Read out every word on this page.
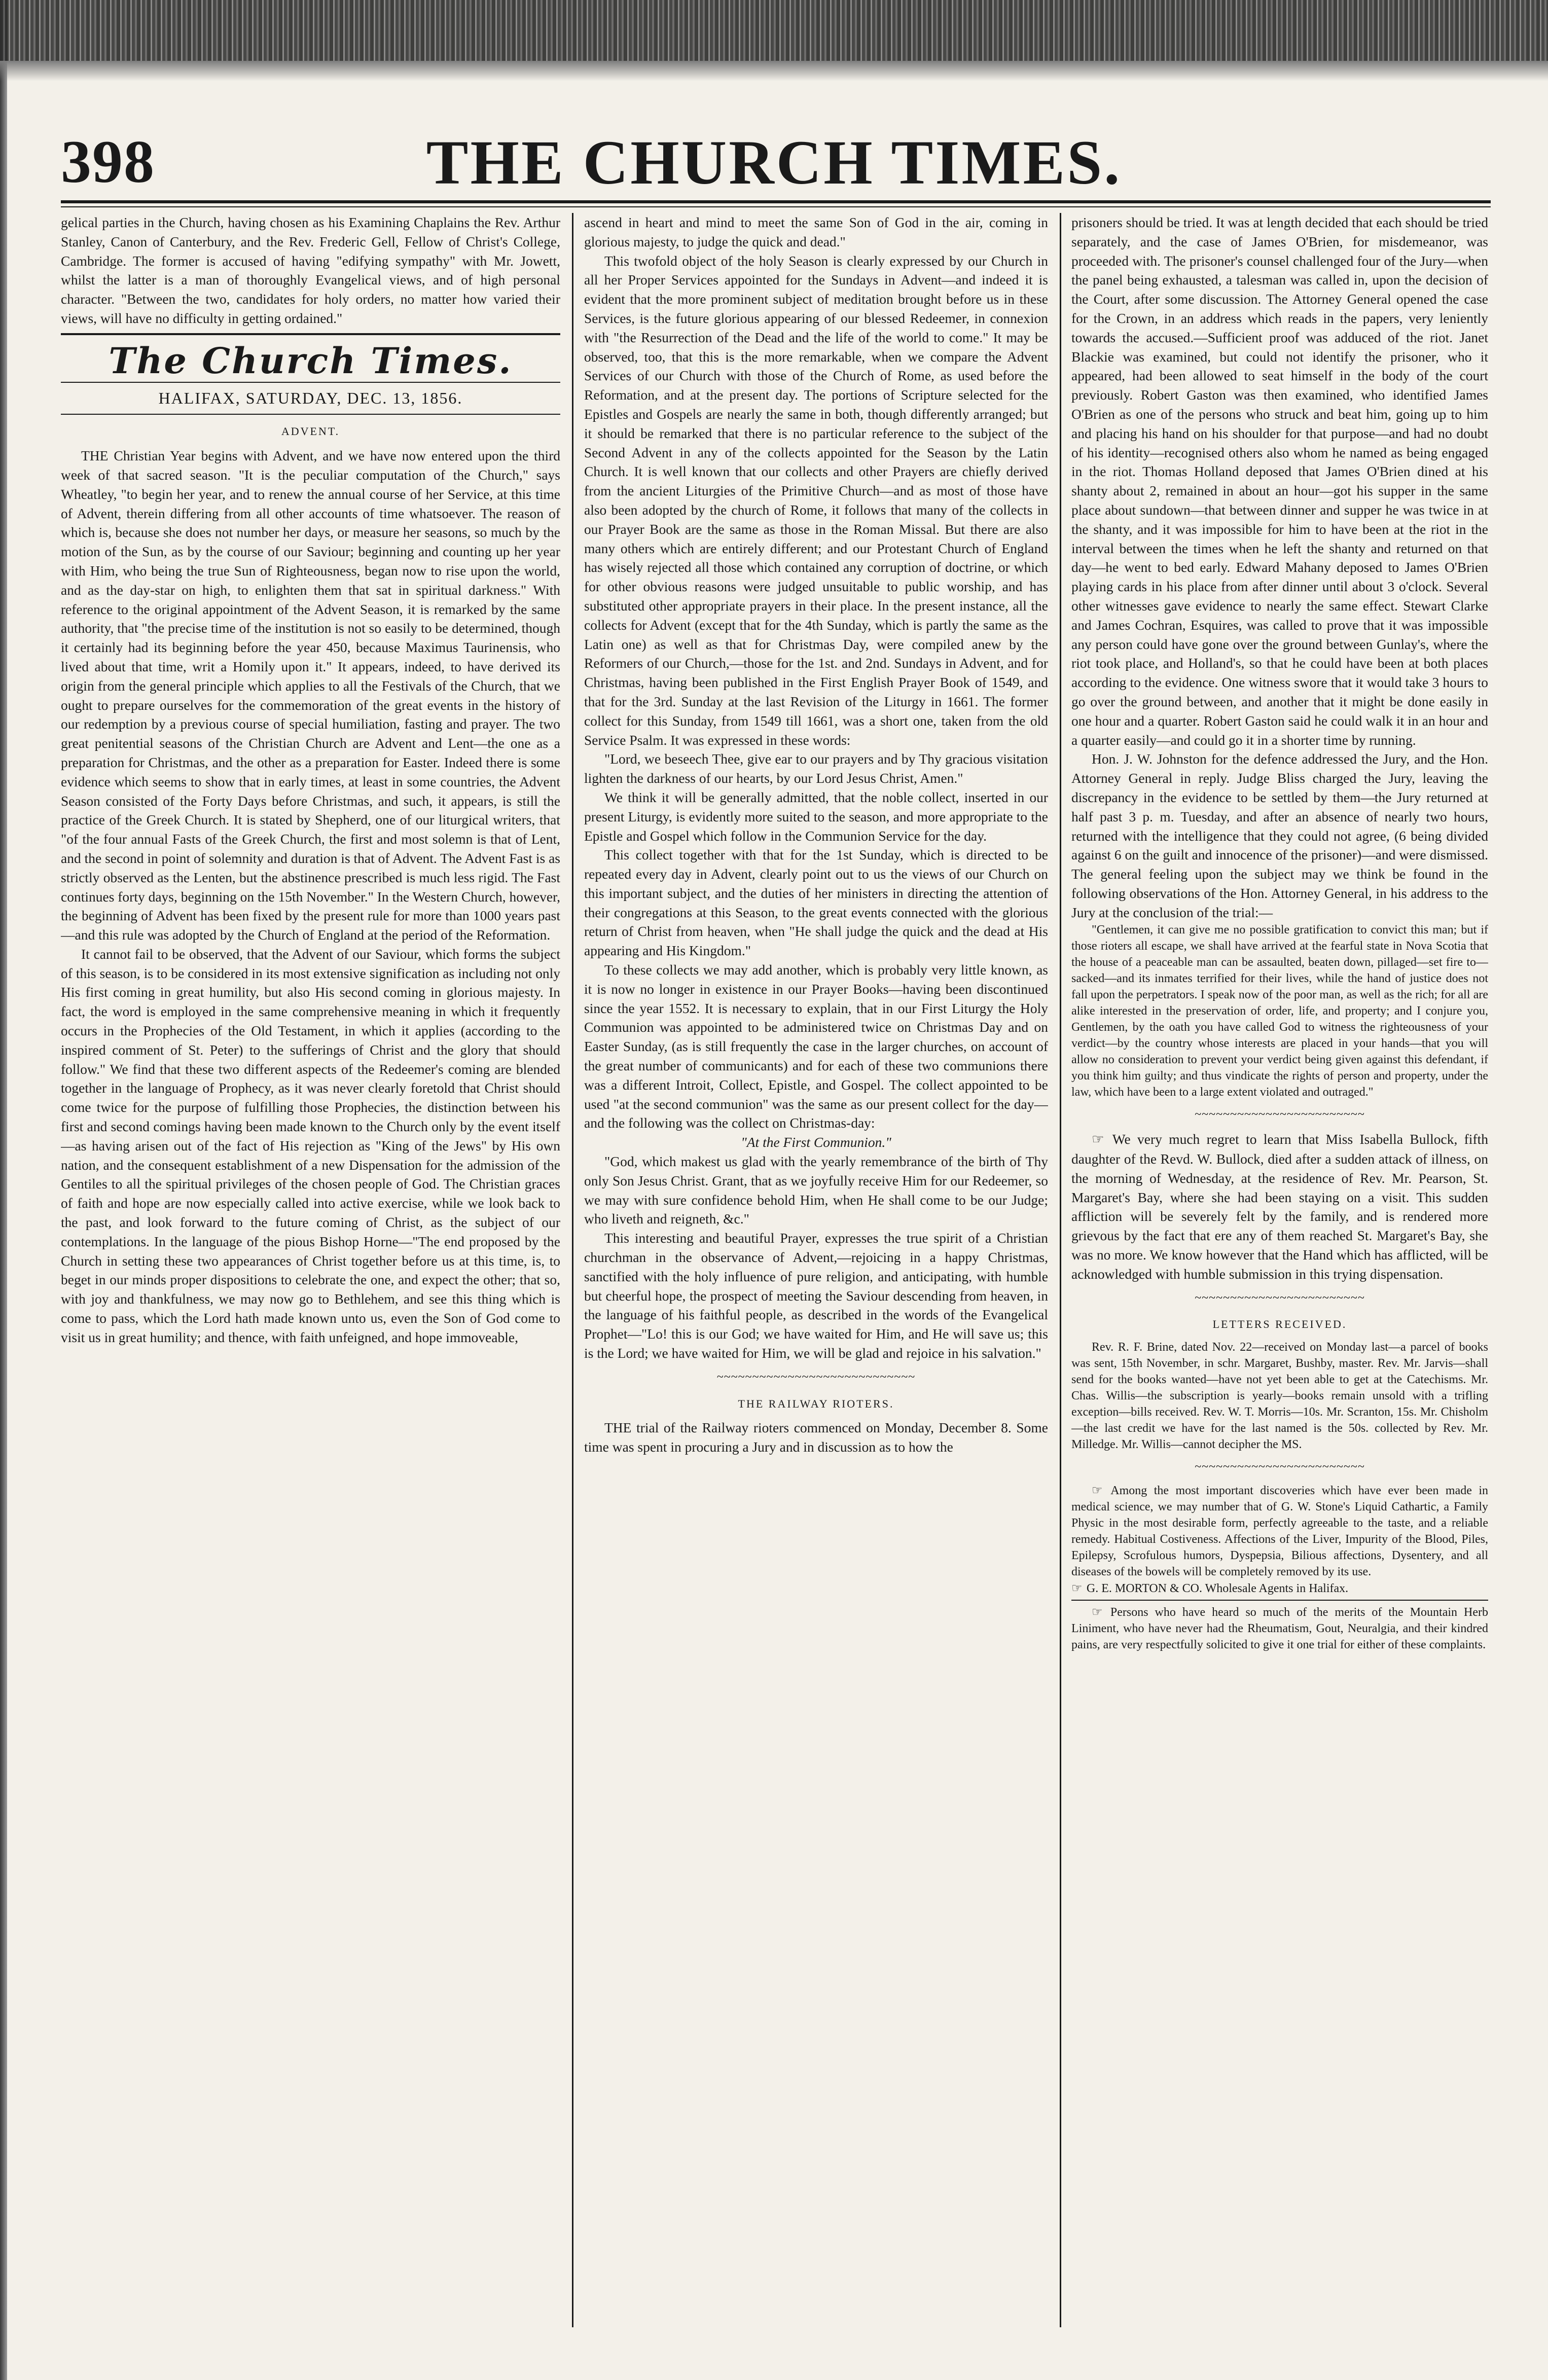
398	THE CHURCH TIMES.

gelical parties in the Church, having chosen as his Examining Chaplains the Rev. Arthur Stanley, Canon of Canterbury, and the Rev. Frederic Gell, Fellow of Christ's College, Cambridge. The former is accused of having "edifying sympathy" with Mr. Jowett, whilst the latter is a man of thoroughly Evangelical views, and of high personal character. "Between the two, candidates for holy orders, no matter how varied their views, will have no difficulty in getting ordained."

The Church Times.
HALIFAX, SATURDAY, DEC. 13, 1856.
ADVENT.

THE Christian Year begins with Advent, and we have now entered upon the third week of that sacred season. "It is the peculiar computation of the Church," says Wheatley, "to begin her year, and to renew the annual course of her Service, at this time of Advent, therein differing from all other accounts of time whatsoever. The reason of which is, because she does not number her days, or measure her seasons, so much by the motion of the Sun, as by the course of our Saviour; beginning and counting up her year with Him, who being the true Sun of Righteousness, began now to rise upon the world, and as the day-star on high, to enlighten them that sat in spiritual darkness." With reference to the original appointment of the Advent Season, it is remarked by the same authority, that "the precise time of the institution is not so easily to be determined, though it certainly had its beginning before the year 450, because Maximus Taurinensis, who lived about that time, writ a Homily upon it." It appears, indeed, to have derived its origin from the general principle which applies to all the Festivals of the Church, that we ought to prepare ourselves for the commemoration of the great events in the history of our redemption by a previous course of special humiliation, fasting and prayer. The two great penitential seasons of the Christian Church are Advent and Lent—the one as a preparation for Christmas, and the other as a preparation for Easter. Indeed there is some evidence which seems to show that in early times, at least in some countries, the Advent Season consisted of the Forty Days before Christmas, and such, it appears, is still the practice of the Greek Church. It is stated by Shepherd, one of our liturgical writers, that "of the four annual Fasts of the Greek Church, the first and most solemn is that of Lent, and the second in point of solemnity and duration is that of Advent. The Advent Fast is as strictly observed as the Lenten, but the abstinence prescribed is much less rigid. The Fast continues forty days, beginning on the 15th November." In the Western Church, however, the beginning of Advent has been fixed by the present rule for more than 1000 years past—and this rule was adopted by the Church of England at the period of the Reformation.

It cannot fail to be observed, that the Advent of our Saviour, which forms the subject of this season, is to be considered in its most extensive signification as including not only His first coming in great humility, but also His second coming in glorious majesty. In fact, the word is employed in the same comprehensive meaning in which it frequently occurs in the Prophecies of the Old Testament, in which it applies (according to the inspired comment of St. Peter) to the sufferings of Christ and the glory that should follow." We find that these two different aspects of the Redeemer's coming are blended together in the language of Prophecy, as it was never clearly foretold that Christ should come twice for the purpose of fulfilling those Prophecies, the distinction between his first and second comings having been made known to the Church only by the event itself—as having arisen out of the fact of His rejection as "King of the Jews" by His own nation, and the consequent establishment of a new Dispensation for the admission of the Gentiles to all the spiritual privileges of the chosen people of God. The Christian graces of faith and hope are now especially called into active exercise, while we look back to the past, and look forward to the future coming of Christ, as the subject of our contemplations. In the language of the pious Bishop Horne—"The end proposed by the Church in setting these two appearances of Christ together before us at this time, is, to beget in our minds proper dispositions to celebrate the one, and expect the other; that so, with joy and thankfulness, we may now go to Bethlehem, and see this thing which is come to pass, which the Lord hath made known unto us, even the Son of God come to visit us in great humility; and thence, with faith unfeigned, and hope immoveable,

ascend in heart and mind to meet the same Son of God in the air, coming in glorious majesty, to judge the quick and dead."

This twofold object of the holy Season is clearly expressed by our Church in all her Proper Services appointed for the Sundays in Advent—and indeed it is evident that the more prominent subject of meditation brought before us in these Services, is the future glorious appearing of our blessed Redeemer, in connexion with "the Resurrection of the Dead and the life of the world to come." It may be observed, too, that this is the more remarkable, when we compare the Advent Services of our Church with those of the Church of Rome, as used before the Reformation, and at the present day. The portions of Scripture selected for the Epistles and Gospels are nearly the same in both, though differently arranged; but it should be remarked that there is no particular reference to the subject of the Second Advent in any of the collects appointed for the Season by the Latin Church. It is well known that our collects and other Prayers are chiefly derived from the ancient Liturgies of the Primitive Church—and as most of those have also been adopted by the church of Rome, it follows that many of the collects in our Prayer Book are the same as those in the Roman Missal. But there are also many others which are entirely different; and our Protestant Church of England has wisely rejected all those which contained any corruption of doctrine, or which for other obvious reasons were judged unsuitable to public worship, and has substituted other appropriate prayers in their place. In the present instance, all the collects for Advent (except that for the 4th Sunday, which is partly the same as the Latin one) as well as that for Christmas Day, were compiled anew by the Reformers of our Church,—those for the 1st. and 2nd. Sundays in Advent, and for Christmas, having been published in the First English Prayer Book of 1549, and that for the 3rd. Sunday at the last Revision of the Liturgy in 1661. The former collect for this Sunday, from 1549 till 1661, was a short one, taken from the old Service Psalm. It was expressed in these words:

"Lord, we beseech Thee, give ear to our prayers and by Thy gracious visitation lighten the darkness of our hearts, by our Lord Jesus Christ, Amen."

We think it will be generally admitted, that the noble collect, inserted in our present Liturgy, is evidently more suited to the season, and more appropriate to the Epistle and Gospel which follow in the Communion Service for the day.

This collect together with that for the 1st Sunday, which is directed to be repeated every day in Advent, clearly point out to us the views of our Church on this important subject, and the duties of her ministers in directing the attention of their congregations at this Season, to the great events connected with the glorious return of Christ from heaven, when "He shall judge the quick and the dead at His appearing and His Kingdom."

To these collects we may add another, which is probably very little known, as it is now no longer in existence in our Prayer Books—having been discontinued since the year 1552. It is necessary to explain, that in our First Liturgy the Holy Communion was appointed to be administered twice on Christmas Day and on Easter Sunday, (as is still frequently the case in the larger churches, on account of the great number of communicants) and for each of these two communions there was a different Introit, Collect, Epistle, and Gospel. The collect appointed to be used "at the second communion" was the same as our present collect for the day—and the following was the collect on Christmas-day:

"At the First Communion."

"God, which makest us glad with the yearly remembrance of the birth of Thy only Son Jesus Christ. Grant, that as we joyfully receive Him for our Redeemer, so we may with sure confidence behold Him, when He shall come to be our Judge; who liveth and reigneth, &c."

This interesting and beautiful Prayer, expresses the true spirit of a Christian churchman in the observance of Advent,—rejoicing in a happy Christmas, sanctified with the holy influence of pure religion, and anticipating, with humble but cheerful hope, the prospect of meeting the Saviour descending from heaven, in the language of his faithful people, as described in the words of the Evangelical Prophet—"Lo! this is our God; we have waited for Him, and He will save us; this is the Lord; we have waited for Him, we will be glad and rejoice in his salvation."

~~~~~~~~~~~~~~~~~~~~~~~~~~~~
THE RAILWAY RIOTERS.

THE trial of the Railway rioters commenced on Monday, December 8. Some time was spent in procuring a Jury and in discussion as to how the

prisoners should be tried. It was at length decided that each should be tried separately, and the case of James O'Brien, for misdemeanor, was proceeded with. The prisoner's counsel challenged four of the Jury—when the panel being exhausted, a talesman was called in, upon the decision of the Court, after some discussion. The Attorney General opened the case for the Crown, in an address which reads in the papers, very leniently towards the accused.—Sufficient proof was adduced of the riot. Janet Blackie was examined, but could not identify the prisoner, who it appeared, had been allowed to seat himself in the body of the court previously. Robert Gaston was then examined, who identified James O'Brien as one of the persons who struck and beat him, going up to him and placing his hand on his shoulder for that purpose—and had no doubt of his identity—recognised others also whom he named as being engaged in the riot. Thomas Holland deposed that James O'Brien dined at his shanty about 2, remained in about an hour—got his supper in the same place about sundown—that between dinner and supper he was twice in at the shanty, and it was impossible for him to have been at the riot in the interval between the times when he left the shanty and returned on that day—he went to bed early. Edward Mahany deposed to James O'Brien playing cards in his place from after dinner until about 3 o'clock. Several other witnesses gave evidence to nearly the same effect. Stewart Clarke and James Cochran, Esquires, was called to prove that it was impossible any person could have gone over the ground between Gunlay's, where the riot took place, and Holland's, so that he could have been at both places according to the evidence. One witness swore that it would take 3 hours to go over the ground between, and another that it might be done easily in one hour and a quarter. Robert Gaston said he could walk it in an hour and a quarter easily—and could go it in a shorter time by running.

Hon. J. W. Johnston for the defence addressed the Jury, and the Hon. Attorney General in reply. Judge Bliss charged the Jury, leaving the discrepancy in the evidence to be settled by them—the Jury returned at half past 3 p. m. Tuesday, and after an absence of nearly two hours, returned with the intelligence that they could not agree, (6 being divided against 6 on the guilt and innocence of the prisoner)—and were dismissed. The general feeling upon the subject may we think be found in the following observations of the Hon. Attorney General, in his address to the Jury at the conclusion of the trial:—

"Gentlemen, it can give me no possible gratification to convict this man; but if those rioters all escape, we shall have arrived at the fearful state in Nova Scotia that the house of a peaceable man can be assaulted, beaten down, pillaged—set fire to—sacked—and its inmates terrified for their lives, while the hand of justice does not fall upon the perpetrators. I speak now of the poor man, as well as the rich; for all are alike interested in the preservation of order, life, and property; and I conjure you, Gentlemen, by the oath you have called God to witness the righteousness of your verdict—by the country whose interests are placed in your hands—that you will allow no consideration to prevent your verdict being given against this defendant, if you think him guilty; and thus vindicate the rights of person and property, under the law, which have been to a large extent violated and outraged."

~~~~~~~~~~~~~~~~~~~~~~~~

☞ We very much regret to learn that Miss Isabella Bullock, fifth daughter of the Revd. W. Bullock, died after a sudden attack of illness, on the morning of Wednesday, at the residence of Rev. Mr. Pearson, St. Margaret's Bay, where she had been staying on a visit. This sudden affliction will be severely felt by the family, and is rendered more grievous by the fact that ere any of them reached St. Margaret's Bay, she was no more. We know however that the Hand which has afflicted, will be acknowledged with humble submission in this trying dispensation.

~~~~~~~~~~~~~~~~~~~~~~~~
LETTERS RECEIVED.

Rev. R. F. Brine, dated Nov. 22—received on Monday last—a parcel of books was sent, 15th November, in schr. Margaret, Bushby, master. Rev. Mr. Jarvis—shall send for the books wanted—have not yet been able to get at the Catechisms. Mr. Chas. Willis—the subscription is yearly—books remain unsold with a trifling exception—bills received. Rev. W. T. Morris—10s. Mr. Scranton, 15s. Mr. Chisholm—the last credit we have for the last named is the 50s. collected by Rev. Mr. Milledge. Mr. Willis—cannot decipher the MS.

~~~~~~~~~~~~~~~~~~~~~~~~

☞ Among the most important discoveries which have ever been made in medical science, we may number that of G. W. Stone's Liquid Cathartic, a Family Physic in the most desirable form, perfectly agreeable to the taste, and a reliable remedy. Habitual Costiveness. Affections of the Liver, Impurity of the Blood, Piles, Epilepsy, Scrofulous humors, Dyspepsia, Bilious affections, Dysentery, and all diseases of the bowels will be completely removed by its use.

☞ G. E. MORTON & CO. Wholesale Agents in Halifax.

☞ Persons who have heard so much of the merits of the Mountain Herb Liniment, who have never had the Rheumatism, Gout, Neuralgia, and their kindred pains, are very respectfully solicited to give it one trial for either of these complaints.
